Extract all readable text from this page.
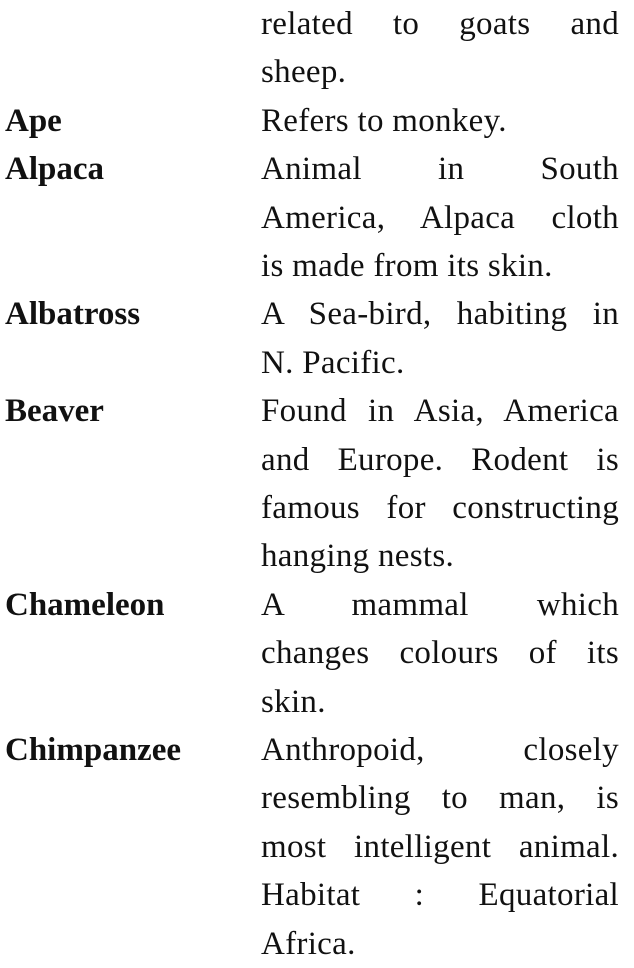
related to goats and
sheep.
Ape	Refers to monkey.
Alpaca	Animal in South
America, Alpaca cloth
is made from its skin.
Albatross	A Sea-bird, habiting in
N. Pacific.
Beaver	Found in Asia, America
and Europe. Rodent is
famous for constructing
hanging nests.
Chameleon	A mammal which
changes colours of its
skin.
Chimpanzee Anthropoid, closely
resembling to man, is
most intelligent animal.
Habitat : Equatorial
Africa.
